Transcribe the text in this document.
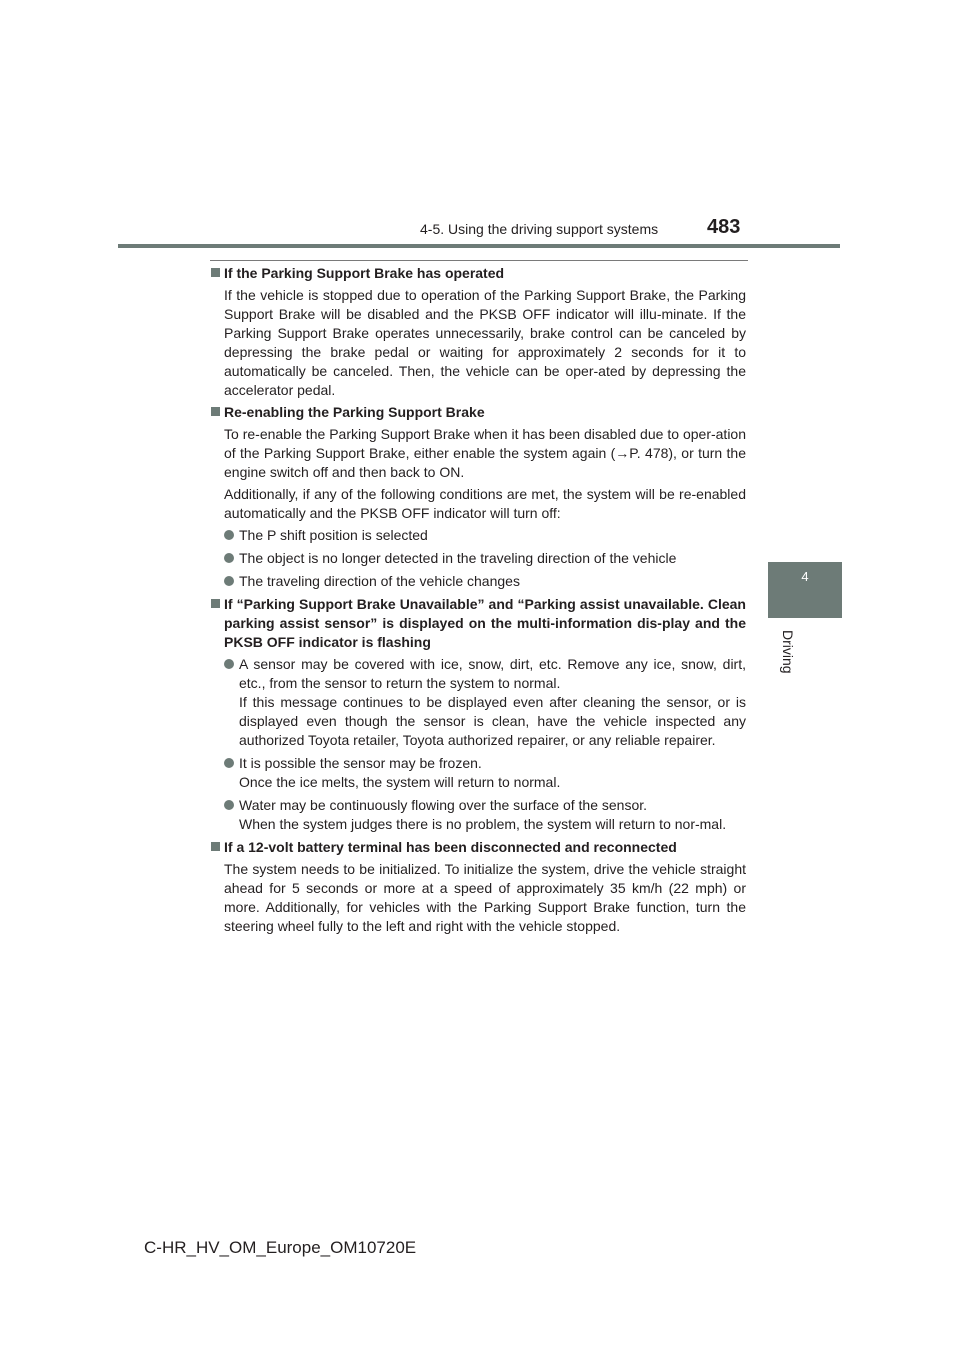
4-5. Using the driving support systems	483
4
Driving
If the Parking Support Brake has operated
If the vehicle is stopped due to operation of the Parking Support Brake, the Parking Support Brake will be disabled and the PKSB OFF indicator will illu-minate. If the Parking Support Brake operates unnecessarily, brake control can be canceled by depressing the brake pedal or waiting for approximately 2 seconds for it to automatically be canceled. Then, the vehicle can be oper-ated by depressing the accelerator pedal.
Re-enabling the Parking Support Brake
To re-enable the Parking Support Brake when it has been disabled due to oper-ation of the Parking Support Brake, either enable the system again (→P. 478), or turn the engine switch off and then back to ON.
Additionally, if any of the following conditions are met, the system will be re-enabled automatically and the PKSB OFF indicator will turn off:
The P shift position is selected
The object is no longer detected in the traveling direction of the vehicle
The traveling direction of the vehicle changes
If “Parking Support Brake Unavailable” and “Parking assist unavailable. Clean parking assist sensor” is displayed on the multi-information dis-play and the PKSB OFF indicator is flashing
A sensor may be covered with ice, snow, dirt, etc. Remove any ice, snow, dirt, etc., from the sensor to return the system to normal.
If this message continues to be displayed even after cleaning the sensor, or is displayed even though the sensor is clean, have the vehicle inspected any authorized Toyota retailer, Toyota authorized repairer, or any reliable repairer.
It is possible the sensor may be frozen.
Once the ice melts, the system will return to normal.
Water may be continuously flowing over the surface of the sensor.
When the system judges there is no problem, the system will return to nor-mal.
If a 12-volt battery terminal has been disconnected and reconnected
The system needs to be initialized. To initialize the system, drive the vehicle straight ahead for 5 seconds or more at a speed of approximately 35 km/h (22 mph) or more. Additionally, for vehicles with the Parking Support Brake function, turn the steering wheel fully to the left and right with the vehicle stopped.
C-HR_HV_OM_Europe_OM10720E
